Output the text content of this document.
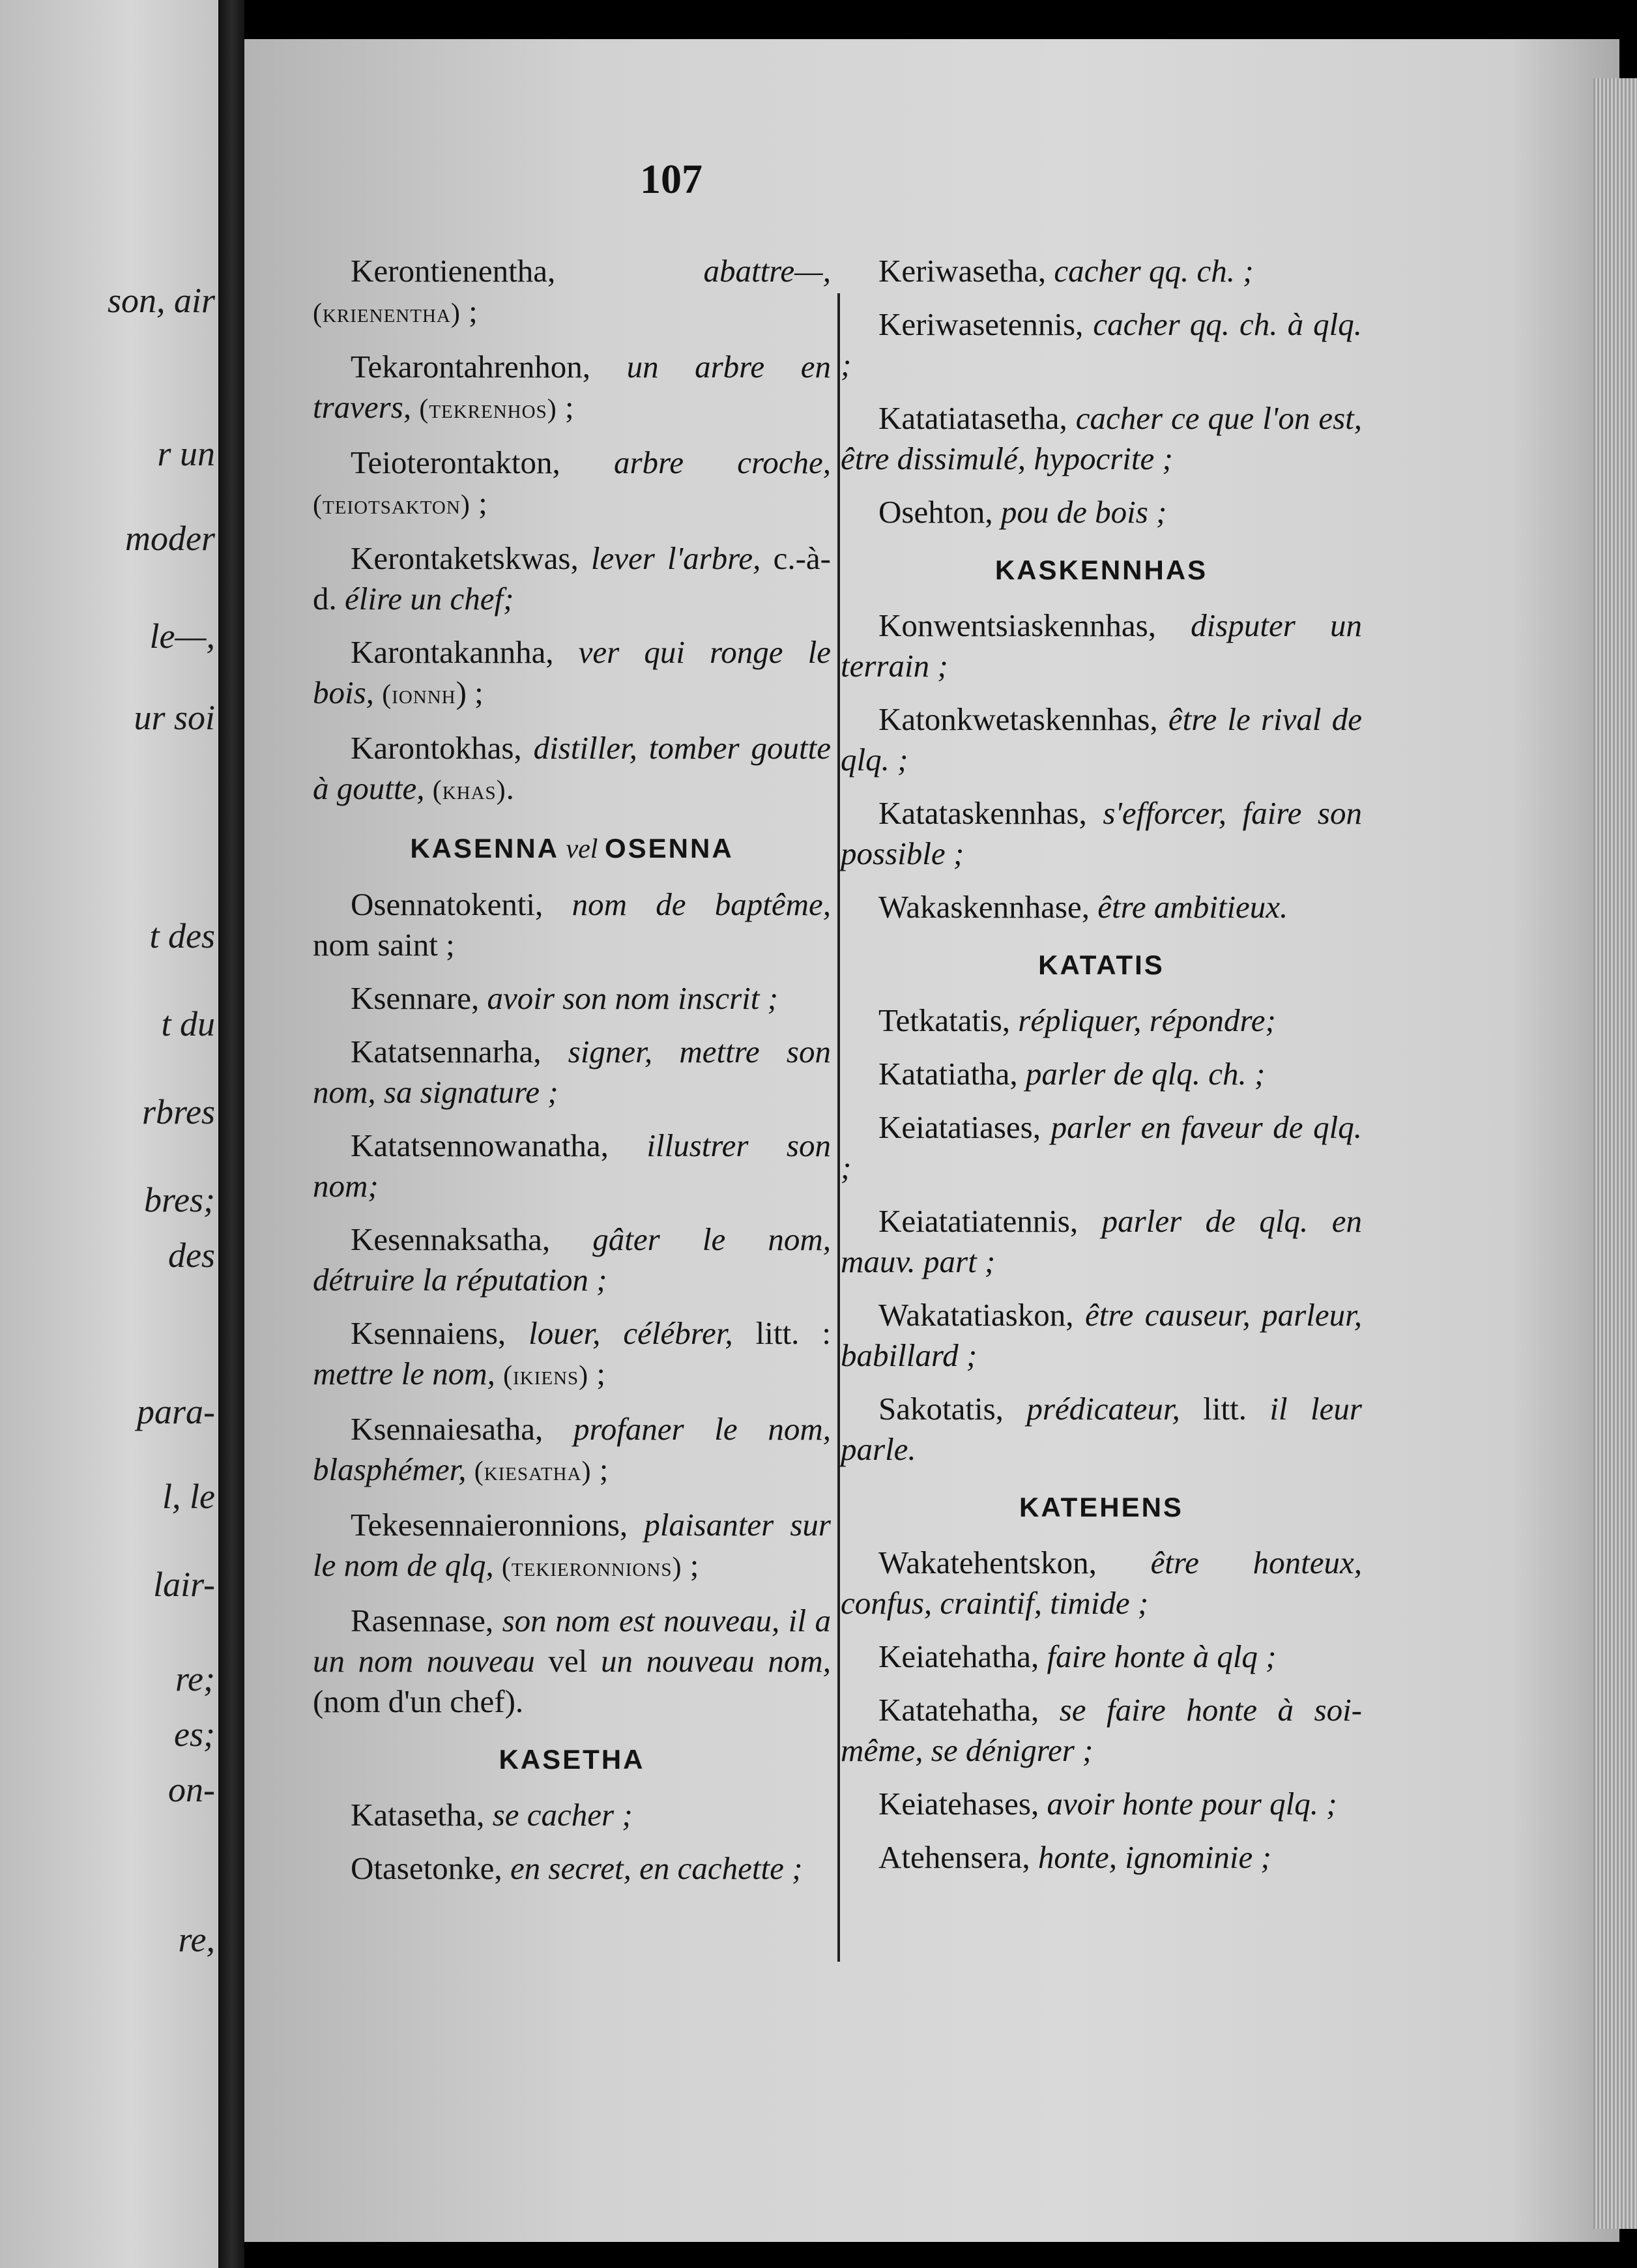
son, air
r un
moder
le—,
ur soi
t des
t du
rbres
bres;
des
para-
l, le
lair-
re;
es;
on-
re,
107

Kerontienentha, abattre—, (krienentha) ;

Tekarontahrenhon, un arbre en travers, (tekrenhos) ;

Teioterontakton, arbre croche, (teiotsakton) ;

Kerontaketskwas, lever l'arbre, c.-à-d. élire un chef;

Karontakannha, ver qui ronge le bois, (ionnh) ;

Karontokhas, distiller, tomber goutte à goutte, (khas).

KASENNA vel OSENNA

Osennatokenti, nom de baptême, nom saint ;

Ksennare, avoir son nom inscrit ;

Katatsennarha, signer, mettre son nom, sa signature ;

Katatsennowanatha, illustrer son nom;

Kesennaksatha, gâter le nom, détruire la réputation ;

Ksennaiens, louer, célébrer, litt. : mettre le nom, (ikiens) ;

Ksennaiesatha, profaner le nom, blasphémer, (kiesatha) ;

Tekesennaieronnions, plaisanter sur le nom de qlq, (tekieronnions) ;

Rasennase, son nom est nouveau, il a un nom nouveau vel un nouveau nom, (nom d'un chef).

KASETHA

Katasetha, se cacher ;

Otasetonke, en secret, en cachette ;

Keriwasetha, cacher qq. ch. ;

Keriwasetennis, cacher qq. ch. à qlq. ;

Katatiatasetha, cacher ce que l'on est, être dissimulé, hypocrite ;

Osehton, pou de bois ;

KASKENNHAS

Konwentsiaskennhas, disputer un terrain ;

Katonkwetaskennhas, être le rival de qlq. ;

Katataskennhas, s'efforcer, faire son possible ;

Wakaskennhase, être ambitieux.

KATATIS

Tetkatatis, répliquer, répondre;

Katatiatha, parler de qlq. ch. ;

Keiatatiases, parler en faveur de qlq. ;

Keiatatiatennis, parler de qlq. en mauv. part ;

Wakatatiaskon, être causeur, parleur, babillard ;

Sakotatis, prédicateur, litt. il leur parle.

KATEHENS

Wakatehentskon, être honteux, confus, craintif, timide ;

Keiatehatha, faire honte à qlq ;

Katatehatha, se faire honte à soi-même, se dénigrer ;

Keiatehases, avoir honte pour qlq. ;

Atehensera, honte, ignominie ;
